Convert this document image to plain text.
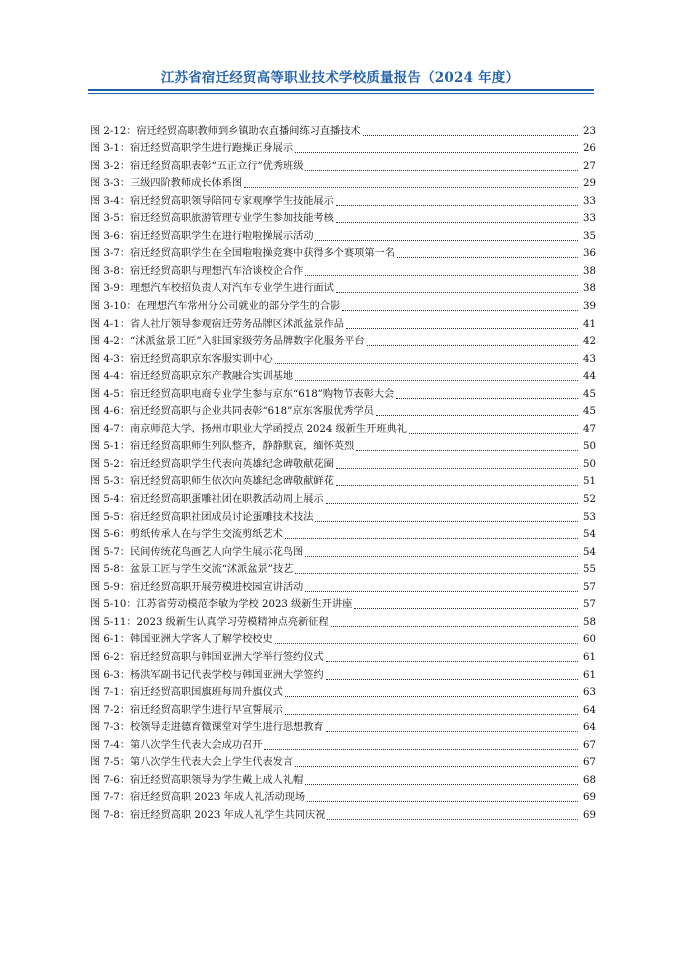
江苏省宿迁经贸高等职业技术学校质量报告（2024 年度）
图 2-12：宿迁经贸高职教师到乡镇助农直播间练习直播技术	23
图 3-1：宿迁经贸高职学生进行跑操正身展示	26
图 3-2：宿迁经贸高职表彰“五正立行”优秀班级	27
图 3-3：三级四阶教师成长体系图	29
图 3-4：宿迁经贸高职领导陪同专家观摩学生技能展示	33
图 3-5：宿迁经贸高职旅游管理专业学生参加技能考核	33
图 3-6：宿迁经贸高职学生在进行啦啦操展示活动	35
图 3-7：宿迁经贸高职学生在全国啦啦操竞赛中获得多个赛项第一名	36
图 3-8：宿迁经贸高职与理想汽车洽谈校企合作	38
图 3-9：理想汽车校招负责人对汽车专业学生进行面试	38
图 3-10：在理想汽车常州分公司就业的部分学生的合影	39
图 4-1：省人社厅领导参观宿迁劳务品牌区沭派盆景作品	41
图 4-2：“沭派盆景工匠”入驻国家级劳务品牌数字化服务平台	42
图 4-3：宿迁经贸高职京东客服实训中心	43
图 4-4：宿迁经贸高职京东产教融合实训基地	44
图 4-5：宿迁经贸高职电商专业学生参与京东“618”购物节表彰大会	45
图 4-6：宿迁经贸高职与企业共同表彰“618”京东客服优秀学员	45
图 4-7：南京师范大学、扬州市职业大学函授点 2024 级新生开班典礼	47
图 5-1：宿迁经贸高职师生列队整齐，静静默哀，缅怀英烈	50
图 5-2：宿迁经贸高职学生代表向英雄纪念碑敬献花圈	50
图 5-3：宿迁经贸高职师生依次向英雄纪念碑敬献鲜花	51
图 5-4：宿迁经贸高职蛋雕社团在职教活动周上展示	52
图 5-5：宿迁经贸高职社团成员讨论蛋雕技术技法	53
图 5-6：剪纸传承人在与学生交流剪纸艺术	54
图 5-7：民间传统花鸟画艺人向学生展示花鸟图	54
图 5-8：盆景工匠与学生交流“沭派盆景”技艺	55
图 5-9：宿迁经贸高职开展劳模进校园宣讲活动	57
图 5-10：江苏省劳动模范李敏为学校 2023 级新生开讲座	57
图 5-11：2023 级新生认真学习劳模精神点亮新征程	58
图 6-1：韩国亚洲大学客人了解学校校史	60
图 6-2：宿迁经贸高职与韩国亚洲大学举行签约仪式	61
图 6-3：杨洪军副书记代表学校与韩国亚洲大学签约	61
图 7-1：宿迁经贸高职国旗班每周升旗仪式	63
图 7-2：宿迁经贸高职学生进行早宣誓展示	64
图 7-3：校领导走进德育微课堂对学生进行思想教育	64
图 7-4：第八次学生代表大会成功召开	67
图 7-5：第八次学生代表大会上学生代表发言	67
图 7-6：宿迁经贸高职领导为学生戴上成人礼帽	68
图 7-7：宿迁经贸高职 2023 年成人礼活动现场	69
图 7-8：宿迁经贸高职 2023 年成人礼学生共同庆祝	69
